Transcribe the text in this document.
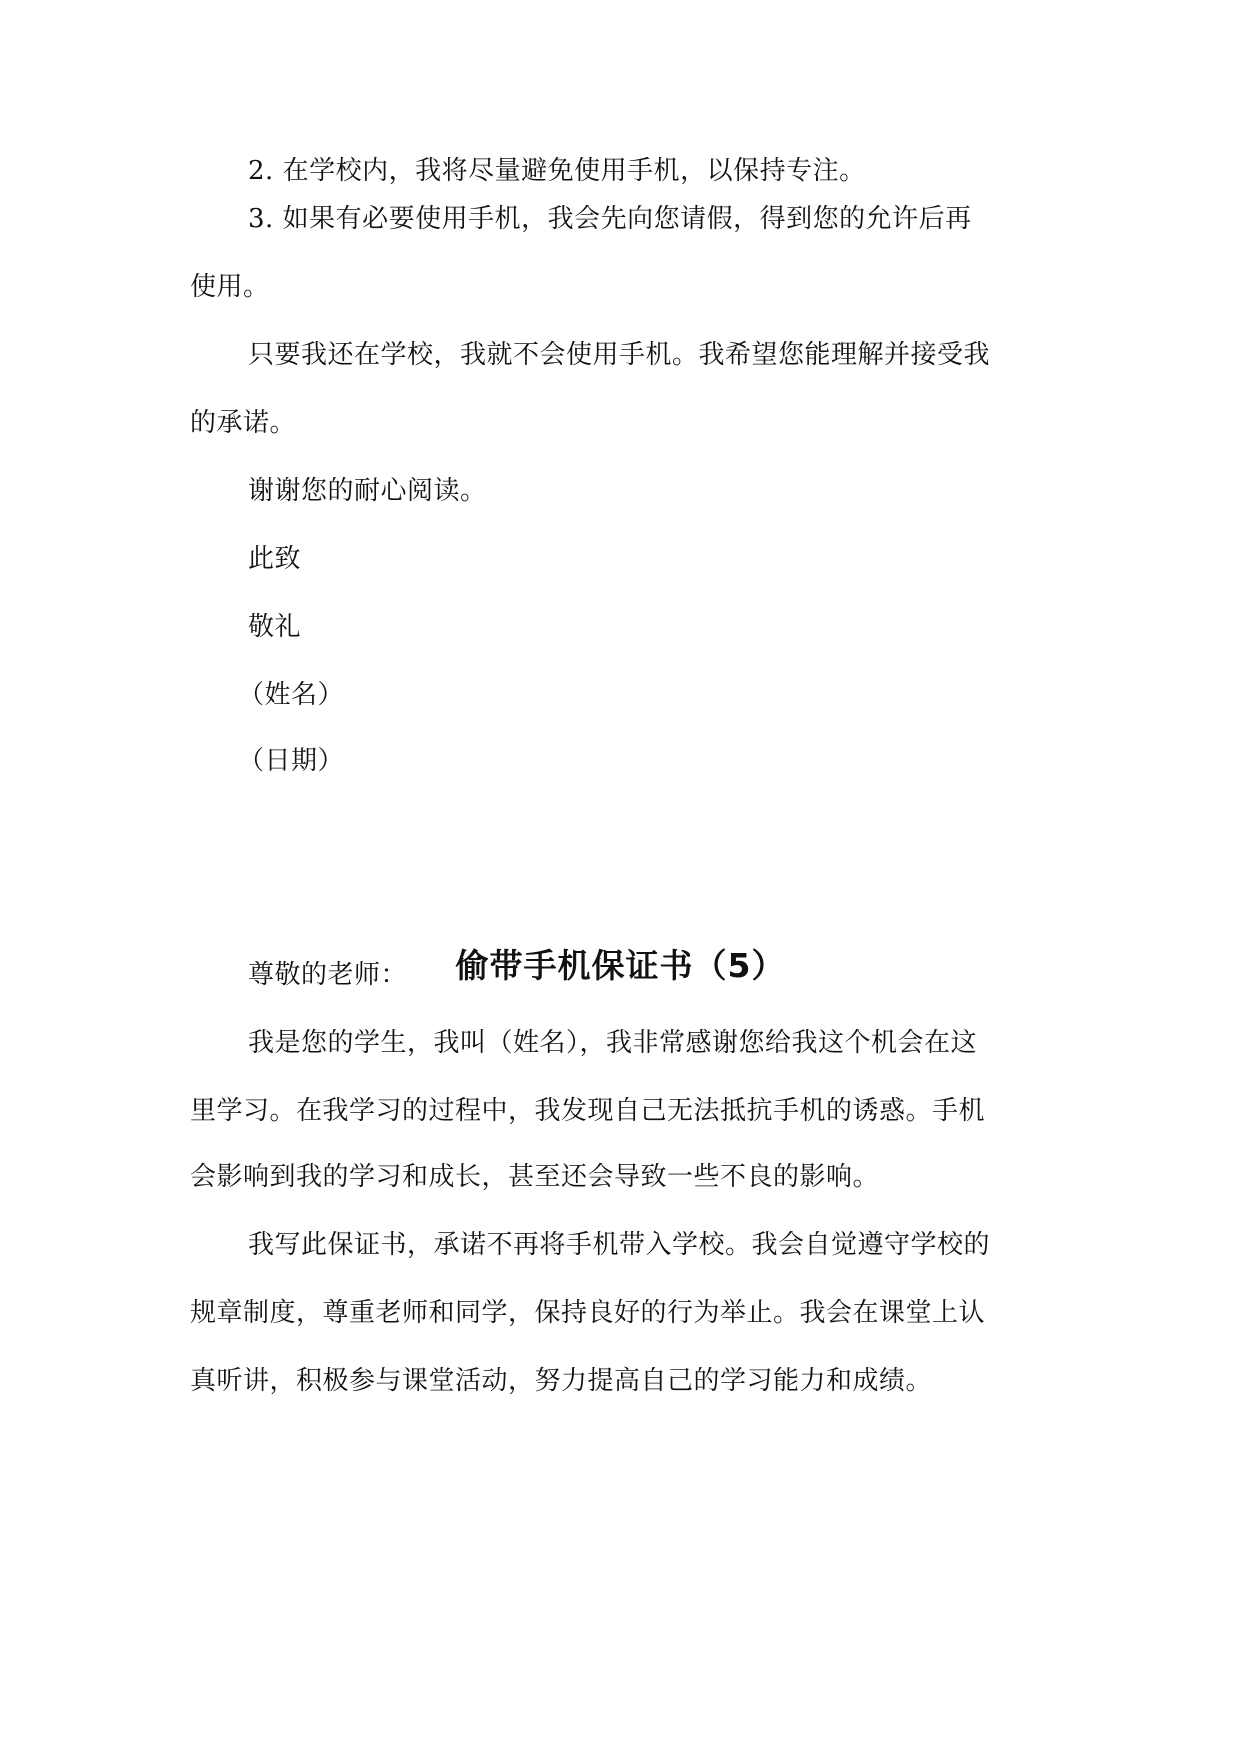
2. 在学校内，我将尽量避免使用手机，以保持专注。
3. 如果有必要使用手机，我会先向您请假，得到您的允许后再
使用。
只要我还在学校，我就不会使用手机。我希望您能理解并接受我
的承诺。
谢谢您的耐心阅读。
此致
敬礼
（姓名）
（日期）
偷带手机保证书（5）
尊敬的老师：
我是您的学生，我叫（姓名），我非常感谢您给我这个机会在这
里学习。在我学习的过程中，我发现自己无法抵抗手机的诱惑。手机
会影响到我的学习和成长，甚至还会导致一些不良的影响。
我写此保证书，承诺不再将手机带入学校。我会自觉遵守学校的
规章制度，尊重老师和同学，保持良好的行为举止。我会在课堂上认
真听讲，积极参与课堂活动，努力提高自己的学习能力和成绩。
